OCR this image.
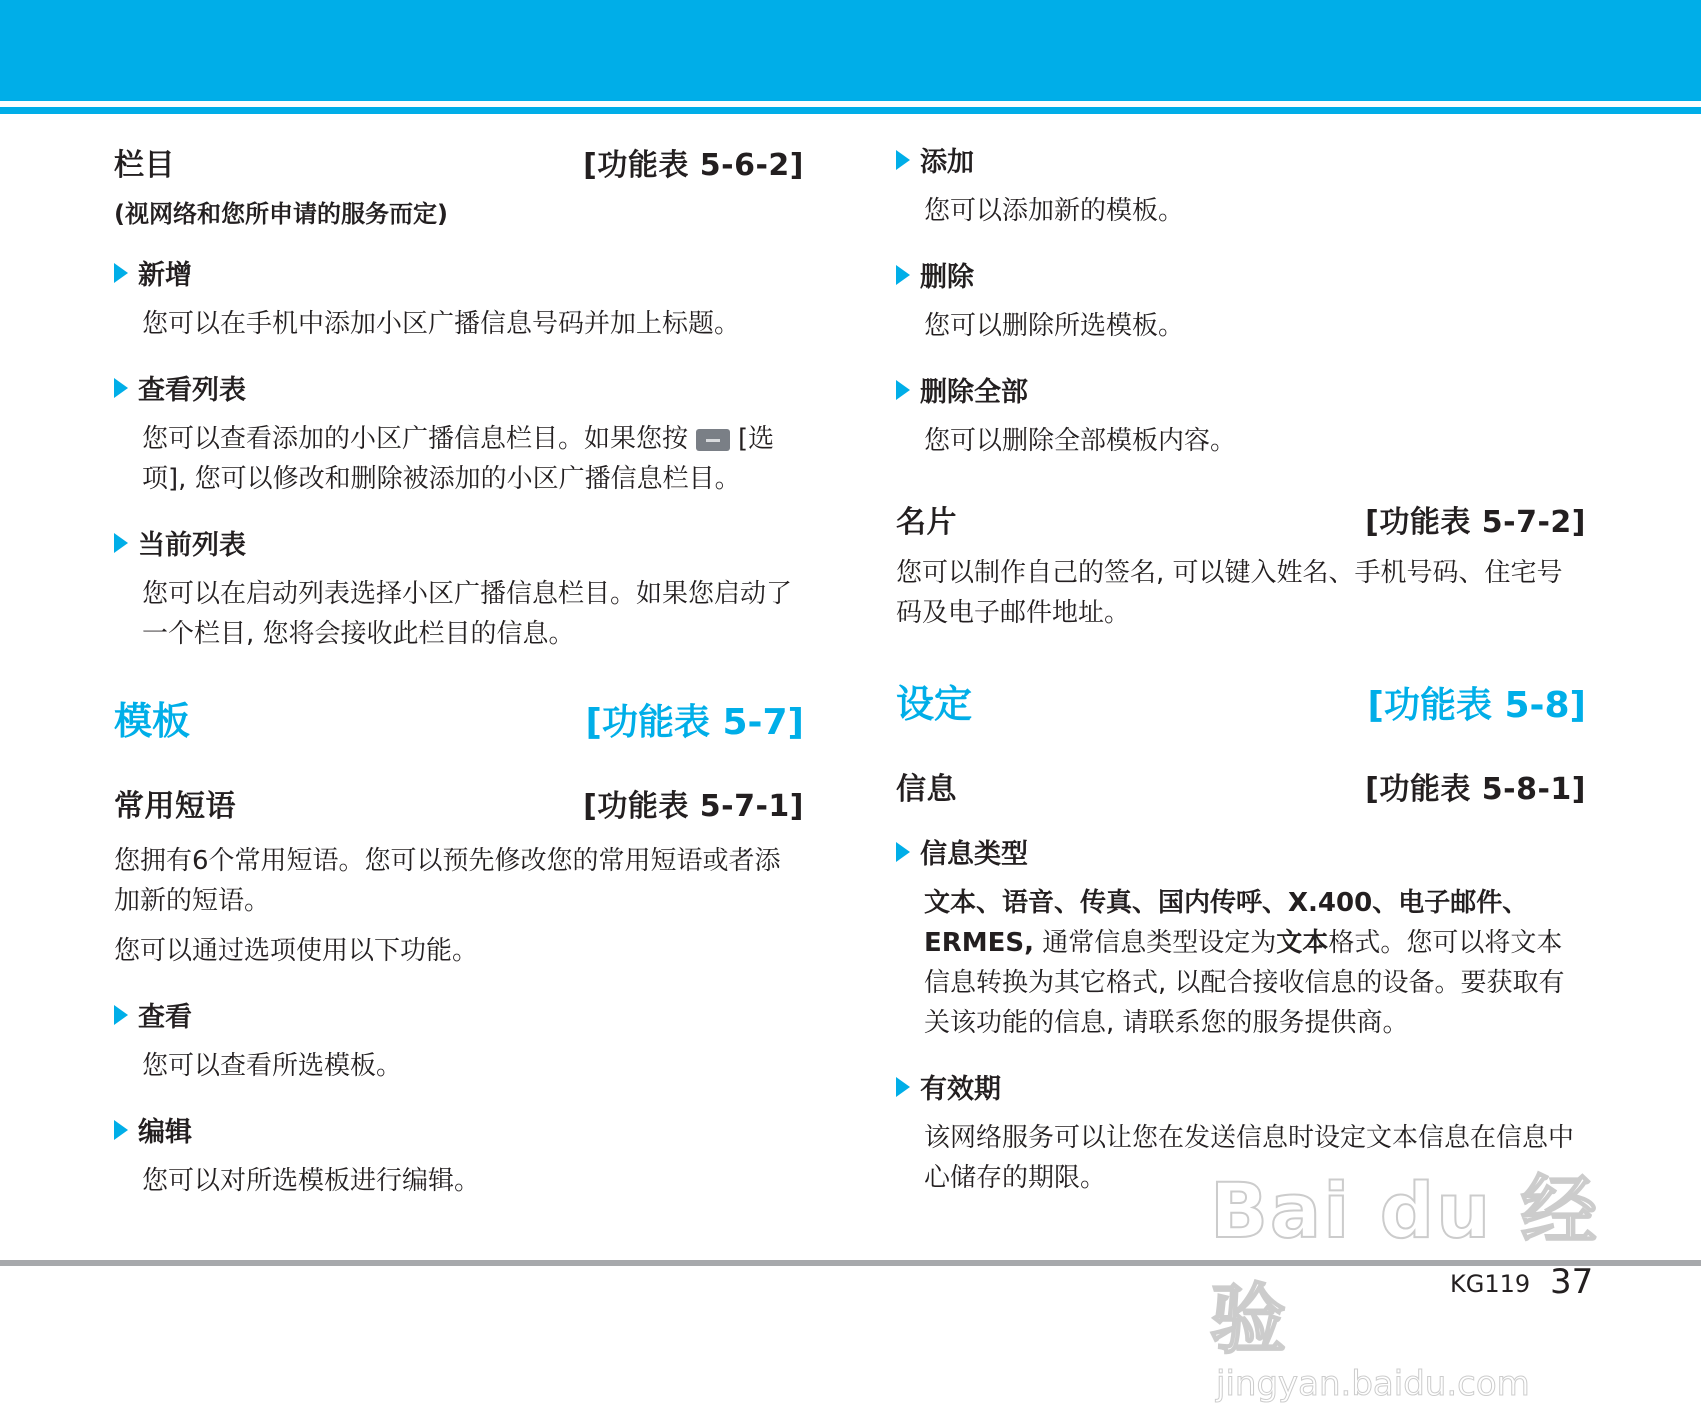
栏目	[功能表 5-6-2]
(视网络和您所申请的服务而定)
新增
您可以在手机中添加小区广播信息号码并加上标题。
查看列表
您可以查看添加的小区广播信息栏目。如果您按 [选项], 您可以修改和删除被添加的小区广播信息栏目。
当前列表
您可以在启动列表选择小区广播信息栏目。如果您启动了一个栏目, 您将会接收此栏目的信息。
模板	[功能表 5-7]
常用短语	[功能表 5-7-1]
您拥有6个常用短语。您可以预先修改您的常用短语或者添加新的短语。
您可以通过选项使用以下功能。
查看
您可以查看所选模板。
编辑
您可以对所选模板进行编辑。
添加
您可以添加新的模板。
删除
您可以删除所选模板。
删除全部
您可以删除全部模板内容。
名片	[功能表 5-7-2]
您可以制作自己的签名, 可以键入姓名、手机号码、住宅号码及电子邮件地址。
设定	[功能表 5-8]
信息	[功能表 5-8-1]
信息类型
文本、语音、传真、国内传呼、X.400、电子邮件、ERMES, 通常信息类型设定为文本格式。您可以将文本信息转换为其它格式, 以配合接收信息的设备。要获取有关该功能的信息, 请联系您的服务提供商。
有效期
该网络服务可以让您在发送信息时设定文本信息在信息中心储存的期限。	Bai du 经验
jingyan.baidu.com
KG119 37
